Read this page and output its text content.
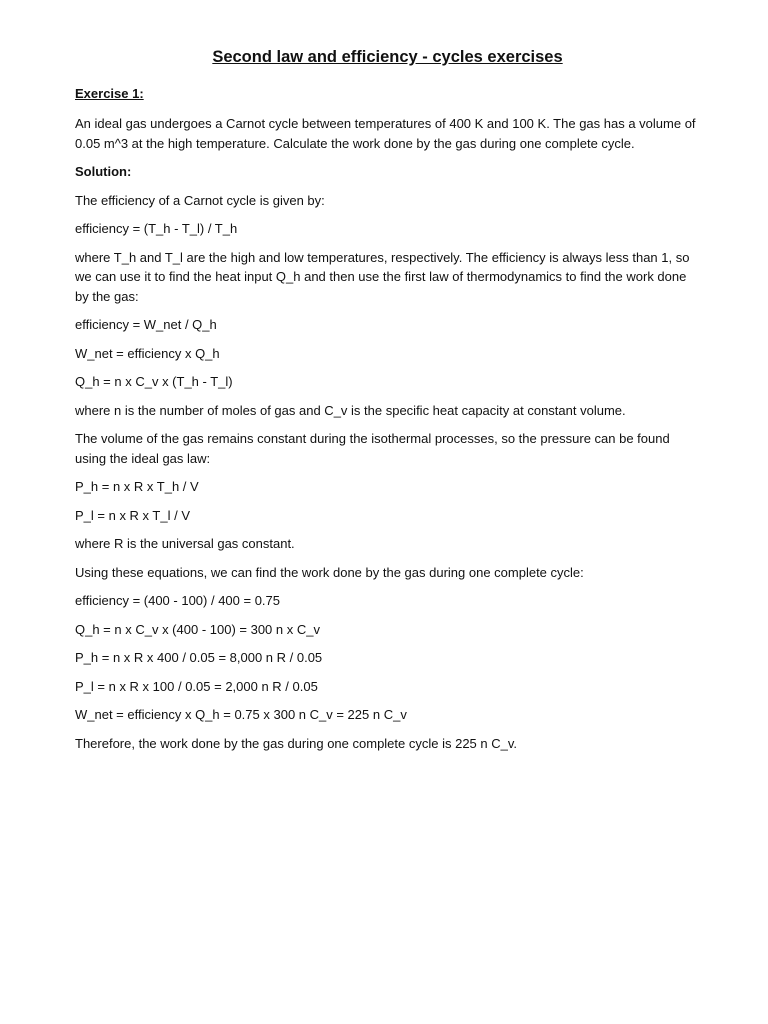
Second law and efficiency - cycles exercises
Exercise 1:

An ideal gas undergoes a Carnot cycle between temperatures of 400 K and 100 K. The gas has a volume of 0.05 m^3 at the high temperature. Calculate the work done by the gas during one complete cycle.

Solution:

The efficiency of a Carnot cycle is given by:

efficiency = (T_h - T_l) / T_h

where T_h and T_l are the high and low temperatures, respectively. The efficiency is always less than 1, so we can use it to find the heat input Q_h and then use the first law of thermodynamics to find the work done by the gas:

efficiency = W_net / Q_h

W_net = efficiency x Q_h

Q_h = n x C_v x (T_h - T_l)

where n is the number of moles of gas and C_v is the specific heat capacity at constant volume.

The volume of the gas remains constant during the isothermal processes, so the pressure can be found using the ideal gas law:

P_h = n x R x T_h / V

P_l = n x R x T_l / V

where R is the universal gas constant.

Using these equations, we can find the work done by the gas during one complete cycle:

efficiency = (400 - 100) / 400 = 0.75

Q_h = n x C_v x (400 - 100) = 300 n x C_v

P_h = n x R x 400 / 0.05 = 8,000 n R / 0.05

P_l = n x R x 100 / 0.05 = 2,000 n R / 0.05

W_net = efficiency x Q_h = 0.75 x 300 n C_v = 225 n C_v

Therefore, the work done by the gas during one complete cycle is 225 n C_v.
